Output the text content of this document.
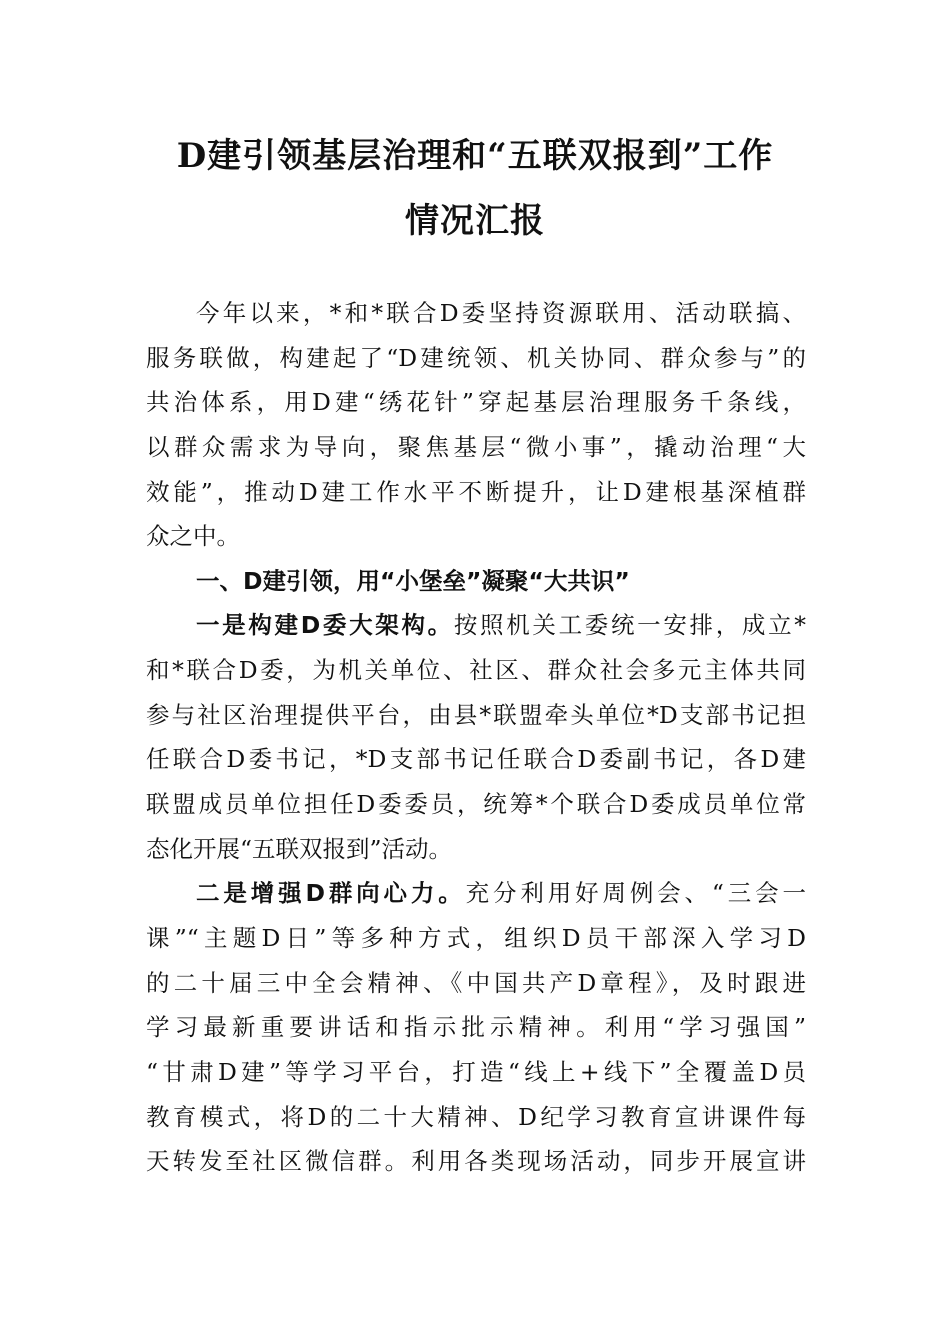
D建引领基层治理和“五联双报到”工作
情况汇报
今年以来，*和*联合D委坚持资源联用、活动联搞、
服务联做，构建起了“D建统领、机关协同、群众参与”的
共治体系，用D建“绣花针”穿起基层治理服务千条线，
以群众需求为导向，聚焦基层“微小事”，撬动治理“大
效能”，推动D建工作水平不断提升，让D建根基深植群
众之中。
一、D建引领，用“小堡垒”凝聚“大共识”
一是构建D委大架构。按照机关工委统一安排，成立*
和*联合D委，为机关单位、社区、群众社会多元主体共同
参与社区治理提供平台，由县*联盟牵头单位*D支部书记担
任联合D委书记，*D支部书记任联合D委副书记，各D建
联盟成员单位担任D委委员，统筹*个联合D委成员单位常
态化开展“五联双报到”活动。
二是增强D群向心力。充分利用好周例会、“三会一
课”“主题D日”等多种方式，组织D员干部深入学习D
的二十届三中全会精神、《中国共产D章程》，及时跟进
学习最新重要讲话和指示批示精神。利用“学习强国”
“甘肃D建”等学习平台，打造“线上+线下”全覆盖D员
教育模式，将D的二十大精神、D纪学习教育宣讲课件每
天转发至社区微信群。利用各类现场活动，同步开展宣讲
